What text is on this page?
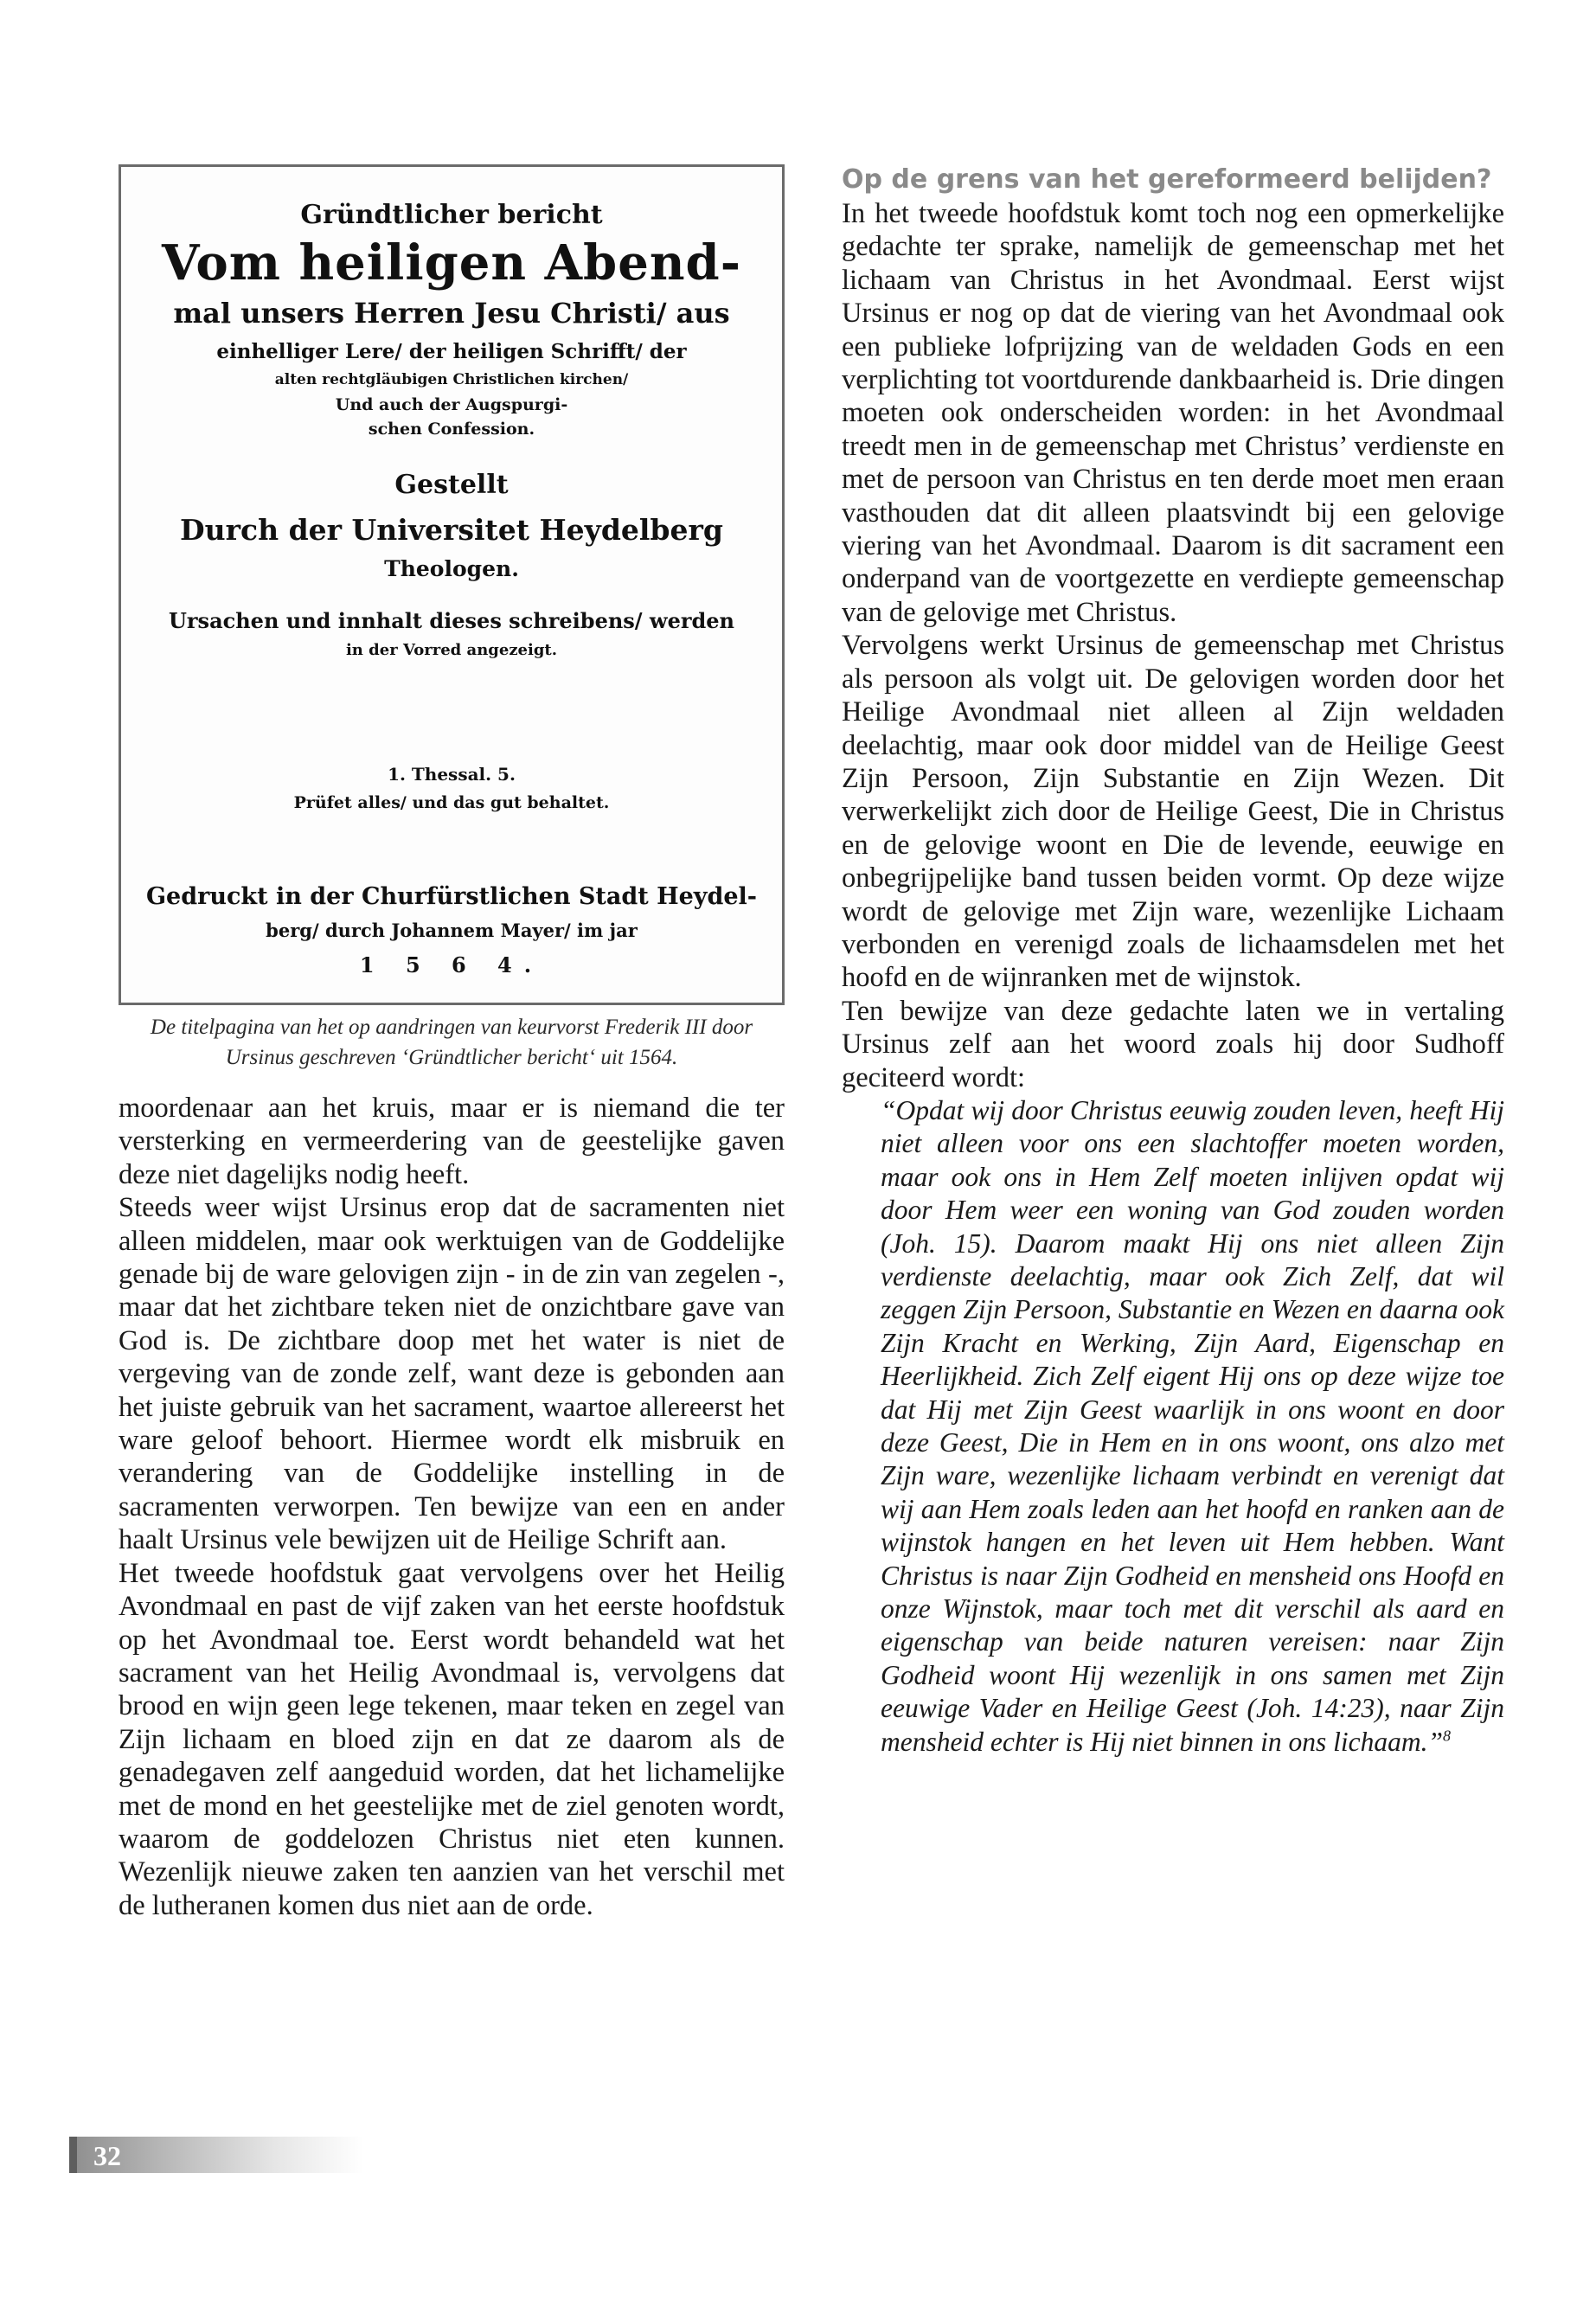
Gründtlicher bericht
Vom heiligen Abend-
mal unsers Herren Jesu Christi/ aus
einhelliger Lere/ der heiligen Schrifft/ der
alten rechtgläubigen Christlichen kirchen/
Und auch der Augspurgi-
schen Confession.
Gestellt
Durch der Universitet Heydelberg
Theologen.
Ursachen und innhalt dieses schreibens/ werden
in der Vorred angezeigt.
1. Thessal. 5.
Prüfet alles/ und das gut behaltet.
Gedruckt in der Churfürstlichen Stadt Heydel-
berg/ durch Johannem Mayer/ im jar
1 5 6 4.
De titelpagina van het op aandringen van keurvorst Frederik III door Ursinus geschreven ‘Gründtlicher bericht‘ uit 1564.

moordenaar aan het kruis, maar er is niemand die ter versterking en vermeerdering van de geestelijke gaven deze niet dagelijks nodig heeft.

Steeds weer wijst Ursinus erop dat de sacramenten niet alleen middelen, maar ook werktuigen van de Goddelijke genade bij de ware gelovigen zijn - in de zin van zegelen -, maar dat het zichtbare teken niet de onzichtbare gave van God is. De zichtbare doop met het water is niet de vergeving van de zonde zelf, want deze is gebonden aan het juiste gebruik van het sacrament, waartoe allereerst het ware geloof behoort. Hiermee wordt elk misbruik en verandering van de Goddelijke instelling in de sacramenten verworpen. Ten bewijze van een en ander haalt Ursinus vele bewijzen uit de Heilige Schrift aan.

Het tweede hoofdstuk gaat vervolgens over het Heilig Avondmaal en past de vijf zaken van het eerste hoofdstuk op het Avondmaal toe. Eerst wordt behandeld wat het sacrament van het Heilig Avondmaal is, vervolgens dat brood en wijn geen lege tekenen, maar teken en zegel van Zijn lichaam en bloed zijn en dat ze daarom als de genadegaven zelf aangeduid worden, dat het lichamelijke met de mond en het geestelijke met de ziel genoten wordt, waarom de goddelozen Christus niet eten kunnen. Wezenlijk nieuwe zaken ten aanzien van het verschil met de lutheranen komen dus niet aan de orde.

Op de grens van het gereformeerd belijden?

In het tweede hoofdstuk komt toch nog een opmerkelijke gedachte ter sprake, namelijk de gemeenschap met het lichaam van Christus in het Avondmaal. Eerst wijst Ursinus er nog op dat de viering van het Avondmaal ook een publieke lofprijzing van de weldaden Gods en een verplichting tot voortdurende dankbaarheid is. Drie dingen moeten ook onderscheiden worden: in het Avondmaal treedt men in de gemeenschap met Christus’ verdienste en met de persoon van Christus en ten derde moet men eraan vasthouden dat dit alleen plaatsvindt bij een gelovige viering van het Avondmaal. Daarom is dit sacrament een onderpand van de voortgezette en verdiepte gemeenschap van de gelovige met Christus.

Vervolgens werkt Ursinus de gemeenschap met Christus als persoon als volgt uit. De gelovigen worden door het Heilige Avondmaal niet alleen al Zijn weldaden deelachtig, maar ook door middel van de Heilige Geest Zijn Persoon, Zijn Substantie en Zijn Wezen. Dit verwerkelijkt zich door de Heilige Geest, Die in Christus en de gelovige woont en Die de levende, eeuwige en onbegrijpelijke band tussen beiden vormt. Op deze wijze wordt de gelovige met Zijn ware, wezenlijke Lichaam verbonden en verenigd zoals de lichaamsdelen met het hoofd en de wijnranken met de wijnstok.

Ten bewijze van deze gedachte laten we in vertaling Ursinus zelf aan het woord zoals hij door Sudhoff geciteerd wordt:

“Opdat wij door Christus eeuwig zouden leven, heeft Hij niet alleen voor ons een slachtoffer moeten worden, maar ook ons in Hem Zelf moeten inlijven opdat wij door Hem weer een woning van God zouden worden (Joh. 15). Daarom maakt Hij ons niet alleen Zijn verdienste deelachtig, maar ook Zich Zelf, dat wil zeggen Zijn Persoon, Substantie en Wezen en daarna ook Zijn Kracht en Werking, Zijn Aard, Eigenschap en Heerlijkheid. Zich Zelf eigent Hij ons op deze wijze toe dat Hij met Zijn Geest waarlijk in ons woont en door deze Geest, Die in Hem en in ons woont, ons alzo met Zijn ware, wezenlijke lichaam verbindt en verenigt dat wij aan Hem zoals leden aan het hoofd en ranken aan de wijnstok hangen en het leven uit Hem hebben. Want Christus is naar Zijn Godheid en mensheid ons Hoofd en onze Wijnstok, maar toch met dit verschil als aard en eigenschap van beide naturen vereisen: naar Zijn Godheid woont Hij wezenlijk in ons samen met Zijn eeuwige Vader en Heilige Geest (Joh. 14:23), naar Zijn mensheid echter is Hij niet binnen in ons lichaam.”$^8$

32
